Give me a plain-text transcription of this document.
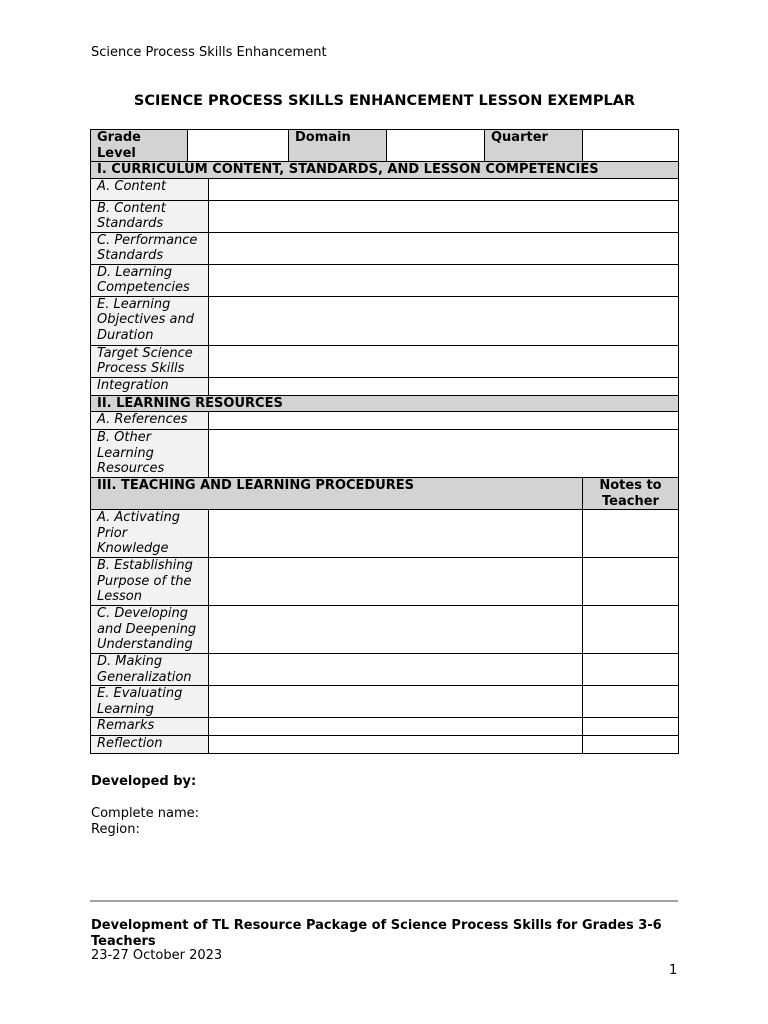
Science Process Skills Enhancement
SCIENCE PROCESS SKILLS ENHANCEMENT LESSON EXEMPLAR
Grade Level			Domain		Quarter	
I. CURRICULUM CONTENT, STANDARDS, AND LESSON COMPETENCIES						
A. Content						
B. Content Standards						
C. Performance Standards						
D. Learning Competencies						
E. Learning Objectives and Duration						
Target Science Process Skills						
Integration						
II. LEARNING RESOURCES						
A. References						
B. Other Learning Resources						
III. TEACHING AND LEARNING PROCEDURES						Notes to Teacher
A. Activating Prior Knowledge						
B. Establishing Purpose of the Lesson						
C. Developing and Deepening Understanding						
D. Making Generalization						
E. Evaluating Learning						
Remarks						
Reflection						
Developed by:
Complete name:
Region:
Development of TL Resource Package of Science Process Skills for Grades 3-6 Teachers
23-27 October 2023
1
